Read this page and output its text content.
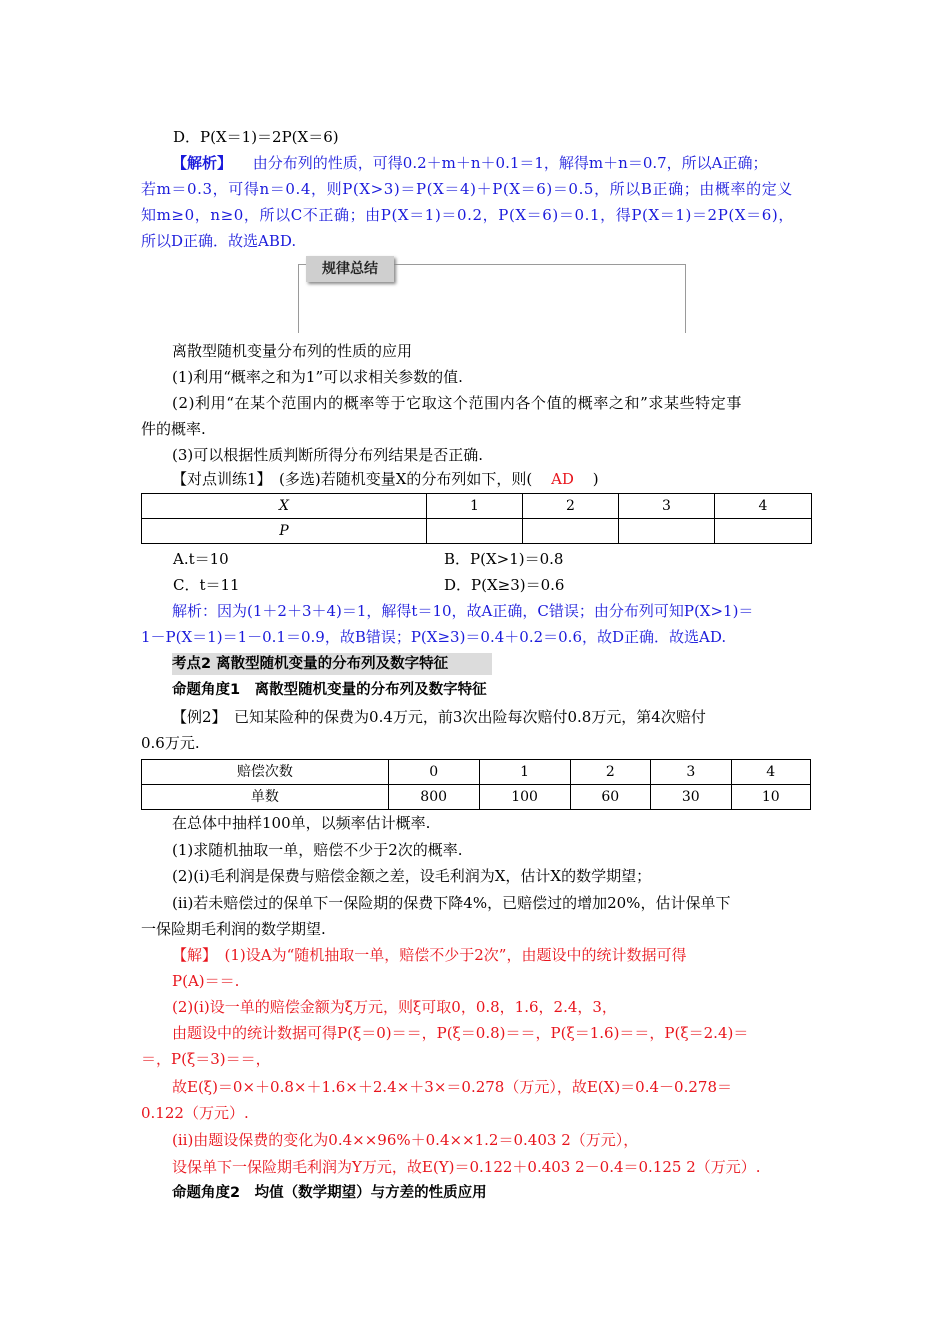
D．P(X＝1)＝2P(X＝6)
【解析】 由分布列的性质，可得0.2＋m＋n＋0.1＝1，解得m＋n＝0.7，所以A正确；
若m＝0.3，可得n＝0.4，则P(X>3)＝P(X＝4)＋P(X＝6)＝0.5，所以B正确；由概率的定义
知m≥0，n≥0，所以C不正确；由P(X＝1)＝0.2，P(X＝6)＝0.1，得P(X＝1)＝2P(X＝6)，
所以D正确．故选ABD.
规律总结
离散型随机变量分布列的性质的应用
(1)利用“概率之和为1”可以求相关参数的值.
(2)利用“在某个范围内的概率等于它取这个范围内各个值的概率之和”求某些特定事
件的概率.
(3)可以根据性质判断所得分布列结果是否正确.
【对点训练1】　(多选)若随机变量X的分布列如下，则( AD )
X	1	2	3	4
P				
A.t＝10	B．P(X>1)＝0.8
C．t＝11	D．P(X≥3)＝0.6
解析：因为(1＋2＋3＋4)＝1，解得t＝10，故A正确，C错误；由分布列可知P(X>1)＝
1－P(X＝1)＝1－0.1＝0.9，故B错误；P(X≥3)＝0.4＋0.2＝0.6，故D正确．故选AD.
考点2 离散型随机变量的分布列及数字特征
命题角度1　离散型随机变量的分布列及数字特征
【例2】　已知某险种的保费为0.4万元，前3次出险每次赔付0.8万元，第4次赔付
0.6万元.
赔偿次数	0	1	2	3	4
单数	800	100	60	30	10
在总体中抽样100单，以频率估计概率.
(1)求随机抽取一单，赔偿不少于2次的概率.
(2)(ⅰ)毛利润是保费与赔偿金额之差，设毛利润为X，估计X的数学期望；
(ⅱ)若未赔偿过的保单下一保险期的保费下降4%，已赔偿过的增加20%，估计保单下
一保险期毛利润的数学期望.
【解】　(1)设A为“随机抽取一单，赔偿不少于2次”，由题设中的统计数据可得
P(A)＝＝.
(2)(ⅰ)设一单的赔偿金额为ξ万元，则ξ可取0，0.8，1.6，2.4，3，
由题设中的统计数据可得P(ξ＝0)＝＝，P(ξ＝0.8)＝＝，P(ξ＝1.6)＝＝，P(ξ＝2.4)＝
＝，P(ξ＝3)＝＝，
故E(ξ)＝0×＋0.8×＋1.6×＋2.4×＋3×＝0.278（万元），故E(X)＝0.4－0.278＝
0.122（万元）.
(ⅱ)由题设保费的变化为0.4××96%＋0.4××1.2＝0.403 2（万元），
设保单下一保险期毛利润为Y万元，故E(Y)＝0.122＋0.403 2－0.4＝0.125 2（万元）.
命题角度2　均值（数学期望）与方差的性质应用
